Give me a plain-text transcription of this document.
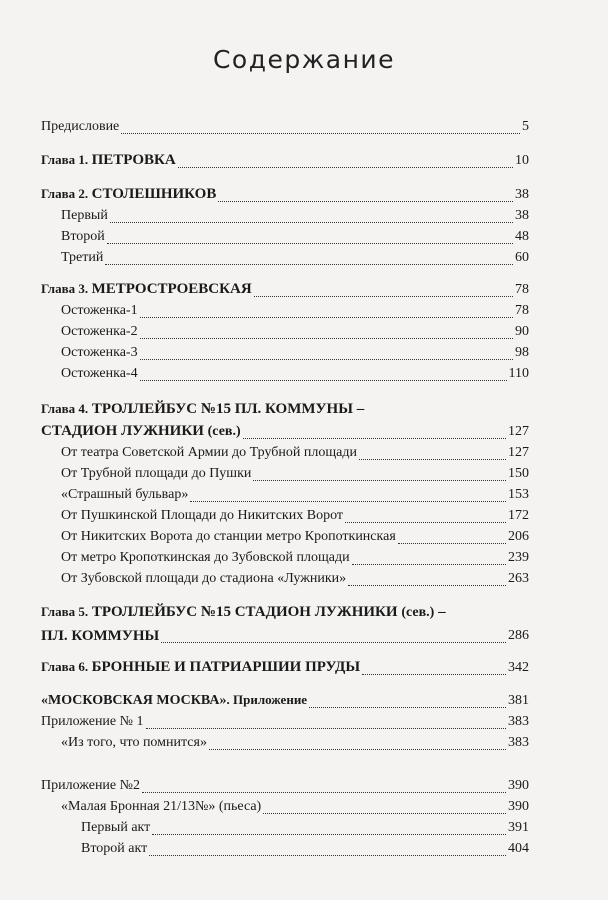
Содержание
Предисловие	5
Глава 1. ПЕТРОВКА	10
Глава 2. СТОЛЕШНИКОВ	38
Первый	38
Второй	48
Третий	60
Глава 3. МЕТРОСТРОЕВСКАЯ	78
Остоженка-1	78
Остоженка-2	90
Остоженка-3	98
Остоженка-4	110
Глава 4. ТРОЛЛЕЙБУС №15 ПЛ. КОММУНЫ –
СТАДИОН ЛУЖНИКИ (сев.)	127
От театра Советской Армии до Трубной площади	127
От Трубной площади до Пушки	150
«Страшный бульвар»	153
От Пушкинской Площади до Никитских Ворот	172
От Никитских Ворота до станции метро Кропоткинская	206
От метро Кропоткинская до Зубовской площади	239
От Зубовской площади до стадиона «Лужники»	263
Глава 5. ТРОЛЛЕЙБУС №15 СТАДИОН ЛУЖНИКИ (сев.) –
ПЛ. КОММУНЫ	286
Глава 6. БРОННЫЕ И ПАТРИАРШИИ ПРУДЫ	342
«МОСКОВСКАЯ МОСКВА». Приложение	381
Приложение № 1	383
«Из того, что помнится»	383
Приложение №2	390
«Малая Бронная 21/13№» (пьеса)	390
Первый акт	391
Второй акт	404
